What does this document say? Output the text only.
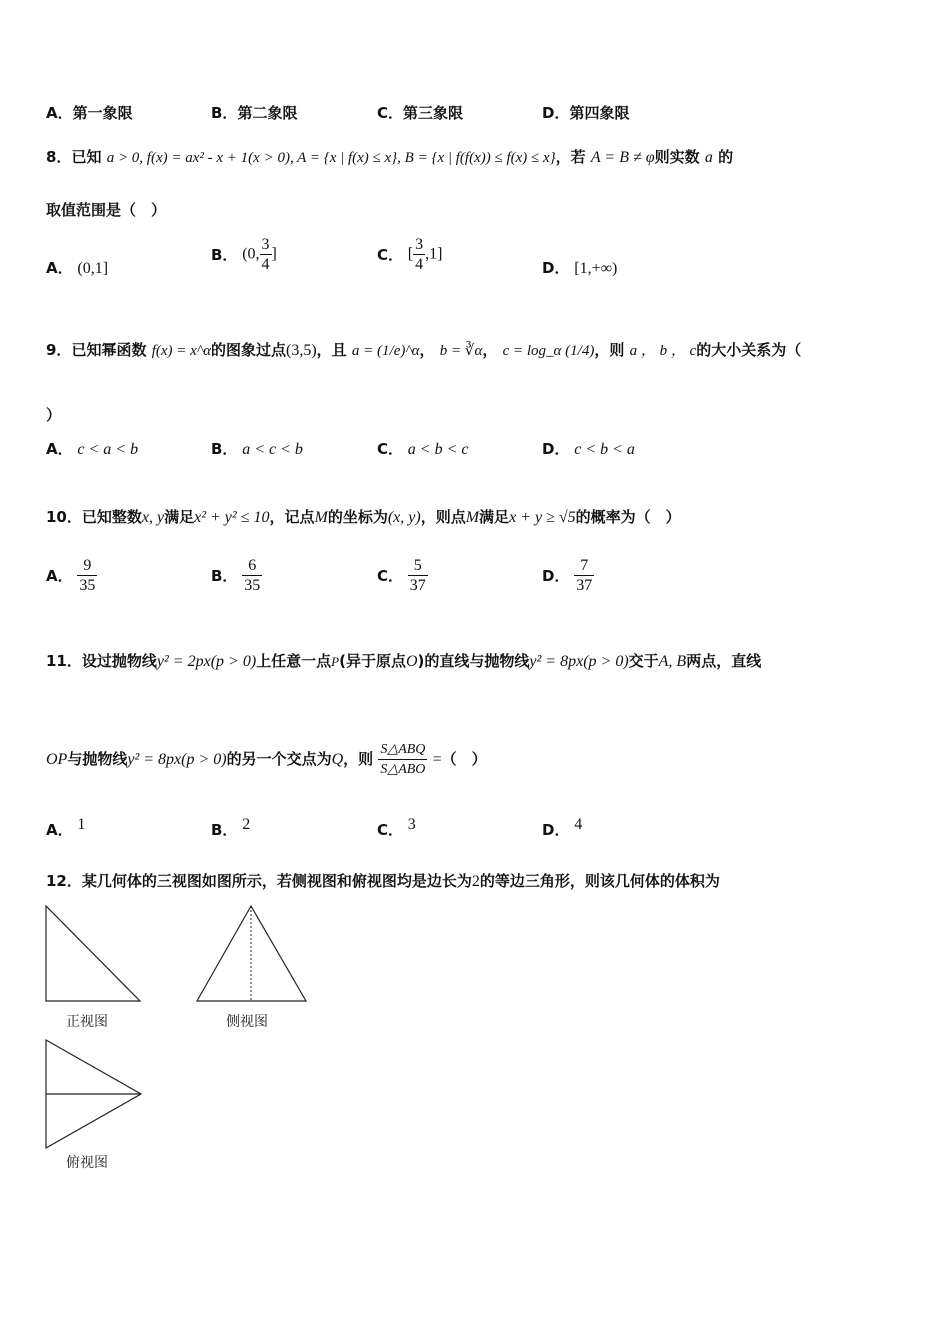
A．第一象限	B．第二象限	C．第三象限	D．第四象限
8．已知 a > 0, f(x) = ax² - x + 1(x > 0), A = {x | f(x) ≤ x}, B = {x | f(f(x)) ≤ f(x) ≤ x}，若 A = B ≠ φ则实数 a 的
取值范围是（　）
A． (0,1]
B． (0, $\frac{3}{4}$ ]	C． [ $\frac{3}{4} ,1$]
D． [1,+∞)
9．已知幂函数 f(x) = x^α的图象过点(3,5)，且 a = (1/e)^α， b = ∛α， c = log_α (1/4)，则 a ， b ， c的大小关系为（
）
A． c < a < b	B． a < c < b	C． a < b < c	D． c < b < a
10．已知整数x, y满足x² + y² ≤ 10，记点M的坐标为(x, y)，则点M满足x + y ≥ √5的概率为（　）
A． $\frac{9}{35}$	B． $\frac{6}{35}$	C． $\frac{5}{37}$	D． $\frac{7}{37}$
11．设过抛物线y² = 2px(p > 0)上任意一点P(异于原点O)的直线与抛物线y² = 8px(p > 0)交于A, B两点，直线
OP与抛物线y² = 8px(p > 0)的另一个交点为Q，则 $\frac{\text{S△ABQ}}{\text{S△ABO}}$ =（　）
A． 1	B． 2	C． 3	D． 4
12．某几何体的三视图如图所示，若侧视图和俯视图均是边长为2的等边三角形，则该几何体的体积为
正视图	侧视图
俯视图
